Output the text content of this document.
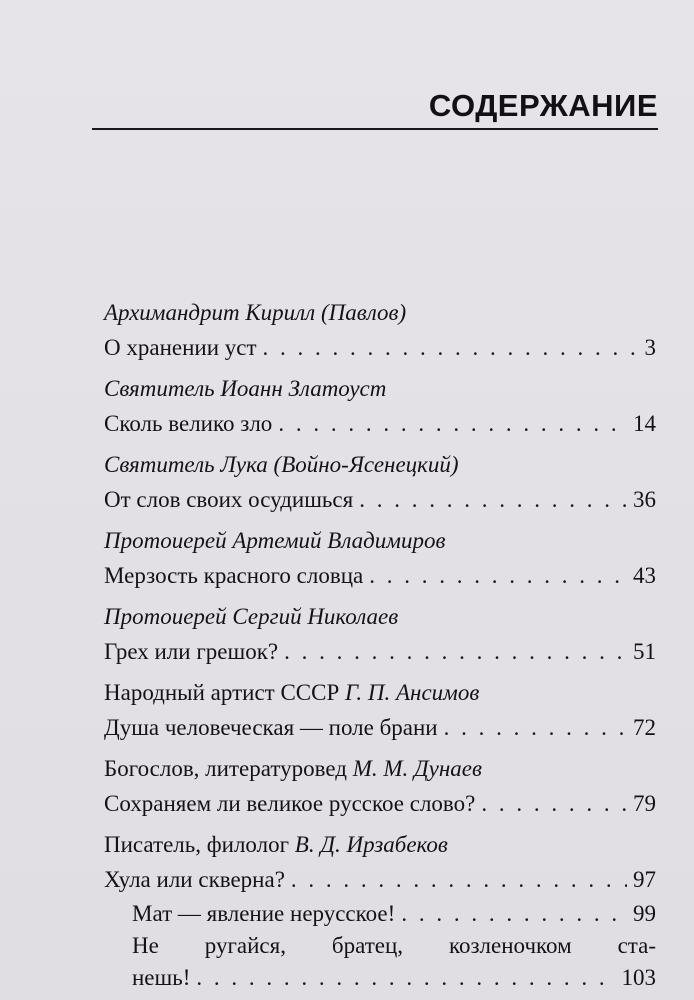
СОДЕРЖАНИЕ
Архимандрит Кирилл (Павлов)
О хранении уст . . .	3
Святитель Иоанн Златоуст
Сколь велико зло . . .	14
Святитель Лука (Войно-Ясенецкий)
От слов своих осудишься . . .	36
Протоиерей Артемий Владимиров
Мерзость красного словца . . .	43
Протоиерей Сергий Николаев
Грех или грешок? . . .	51
Народный артист СССР Г. П. Ансимов
Душа человеческая — поле брани . . .	72
Богослов, литературовед М. М. Дунаев
Сохраняем ли великое русское слово? . . .	79
Писатель, филолог В. Д. Ирзабеков
Хула или скверна? . . .	97
Мат — явление нерусское! . . .	99
Не ругайся, братец, козленочком ста-
нешь! . . .	103
